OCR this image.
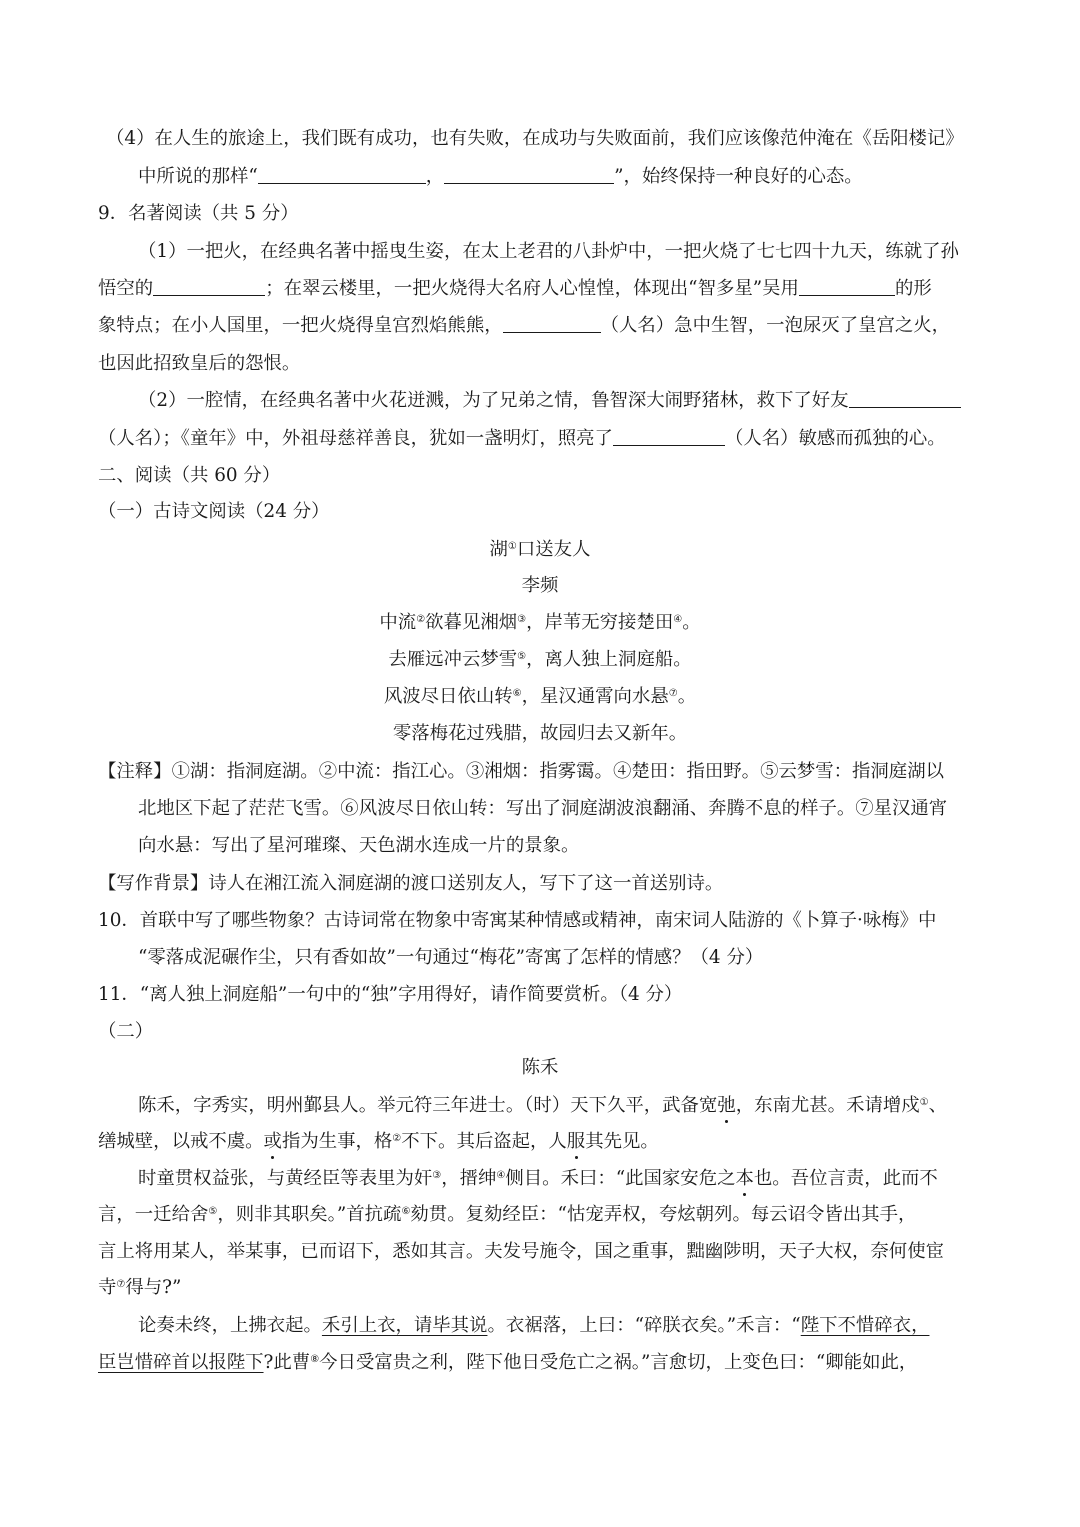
（4）在人生的旅途上，我们既有成功，也有失败，在成功与失败面前，我们应该像范仲淹在《岳阳楼记》
中所说的那样“	，	”，始终保持一种良好的心态。
9．名著阅读（共 5 分）
（1）一把火，在经典名著中摇曳生姿，在太上老君的八卦炉中，一把火烧了七七四十九天，练就了孙
悟空的	；在翠云楼里，一把火烧得大名府人心惶惶，体现出“智多星”吴用	的形
象特点；在小人国里，一把火烧得皇宫烈焰熊熊，	（人名）急中生智，一泡尿灭了皇宫之火，
也因此招致皇后的怨恨。
（2）一腔情，在经典名著中火花迸溅，为了兄弟之情，鲁智深大闹野猪林，救下了好友
（人名）；《童年》中，外祖母慈祥善良，犹如一盏明灯，照亮了	（人名）敏感而孤独的心。
二、阅读（共 60 分）
（一）古诗文阅读（24 分）
湖①口送友人
李频
中流②欲暮见湘烟③，岸苇无穷接楚田④。
去雁远冲云梦雪⑤，离人独上洞庭船。
风波尽日依山转⑥，星汉通霄向水悬⑦。
零落梅花过残腊，故园归去又新年。
【注释】①湖：指洞庭湖。②中流：指江心。③湘烟：指雾霭。④楚田：指田野。⑤云梦雪：指洞庭湖以
北地区下起了茫茫飞雪。⑥风波尽日依山转：写出了洞庭湖波浪翻涌、奔腾不息的样子。⑦星汉通宵
向水悬：写出了星河璀璨、天色湖水连成一片的景象。
【写作背景】诗人在湘江流入洞庭湖的渡口送别友人，写下了这一首送别诗。
10．首联中写了哪些物象？古诗词常在物象中寄寓某种情感或精神，南宋词人陆游的《卜算子·咏梅》中
“零落成泥碾作尘，只有香如故”一句通过“梅花”寄寓了怎样的情感？（4 分）
11．“离人独上洞庭船”一句中的“独”字用得好，请作简要赏析。（4 分）
（二）
陈禾
陈禾，字秀实，明州鄞县人。举元符三年进士。（时）天下久平，武备宽弛，东南尤甚。禾请增戍①、
缮城壁，以戒不虞。或指为生事，格②不下。其后盗起，人服其先见。
时童贯权益张，与黄经臣等表里为奸③，搢绅④侧目。禾曰：“此国家安危之本也。吾位言责，此而不
言，一迁给舍⑤，则非其职矣。”首抗疏⑥劾贯。复劾经臣：“怙宠弄权，夸炫朝列。每云诏令皆出其手，
言上将用某人，举某事，已而诏下，悉如其言。夫发号施令，国之重事，黜幽陟明，天子大权，奈何使宦
寺⑦得与?”
论奏未终，上拂衣起。禾引上衣，请毕其说。衣裾落，上曰：“碎朕衣矣。”禾言：“陛下不惜碎衣，
臣岂惜碎首以报陛下?此曹⑧今日受富贵之利，陛下他日受危亡之祸。”言愈切，上变色曰：“卿能如此，
